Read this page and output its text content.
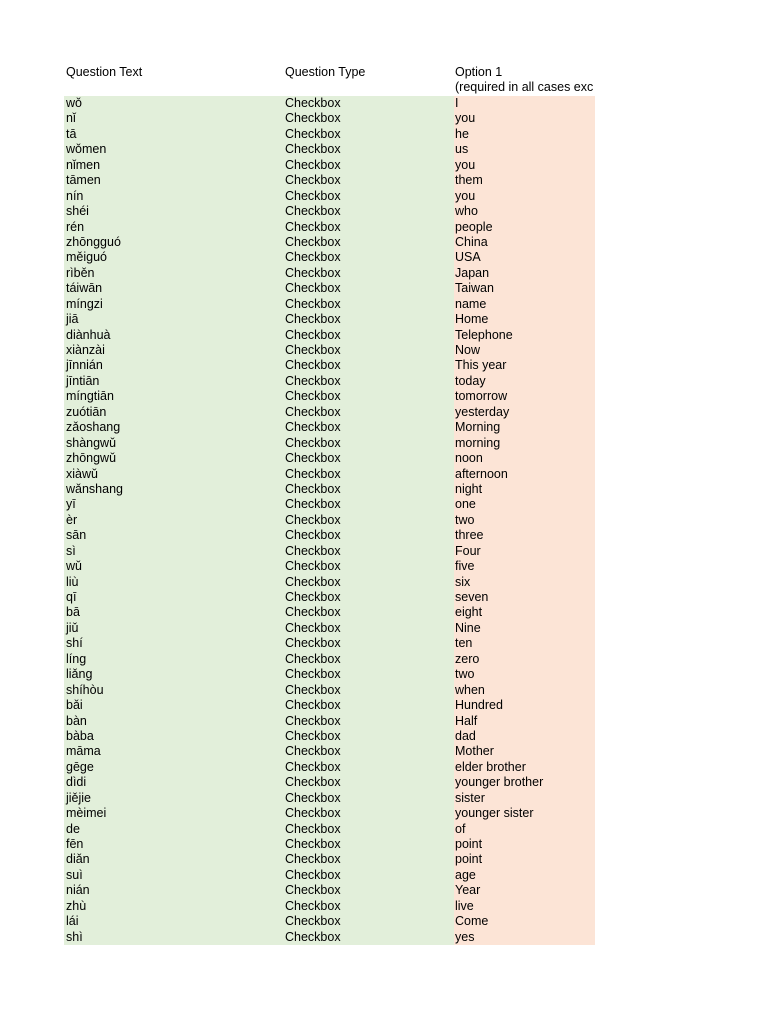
Question Text	Question Type	Option 1
(required in all cases exc
wǒ	Checkbox	I
nǐ	Checkbox	you
tā	Checkbox	he
wǒmen	Checkbox	us
nǐmen	Checkbox	you
tāmen	Checkbox	them
nín	Checkbox	you
shéi	Checkbox	who
rén	Checkbox	people
zhōngguó	Checkbox	China
měiguó	Checkbox	USA
rìběn	Checkbox	Japan
táiwān	Checkbox	Taiwan
míngzi	Checkbox	name
jiā	Checkbox	Home
diànhuà	Checkbox	Telephone
xiànzài	Checkbox	Now
jīnnián	Checkbox	This year
jīntiān	Checkbox	today
míngtiān	Checkbox	tomorrow
zuótiān	Checkbox	yesterday
zǎoshang	Checkbox	Morning
shàngwǔ	Checkbox	morning
zhōngwǔ	Checkbox	noon
xiàwǔ	Checkbox	afternoon
wǎnshang	Checkbox	night
yī	Checkbox	one
èr	Checkbox	two
sān	Checkbox	three
sì	Checkbox	Four
wǔ	Checkbox	five
liù	Checkbox	six
qī	Checkbox	seven
bā	Checkbox	eight
jiǔ	Checkbox	Nine
shí	Checkbox	ten
líng	Checkbox	zero
liǎng	Checkbox	two
shíhòu	Checkbox	when
bǎi	Checkbox	Hundred
bàn	Checkbox	Half
bàba	Checkbox	dad
māma	Checkbox	Mother
gēge	Checkbox	elder brother
dìdi	Checkbox	younger brother
jiějie	Checkbox	sister
mèimei	Checkbox	younger sister
de	Checkbox	of
fēn	Checkbox	point
diǎn	Checkbox	point
suì	Checkbox	age
nián	Checkbox	Year
zhù	Checkbox	live
lái	Checkbox	Come
shì	Checkbox	yes
